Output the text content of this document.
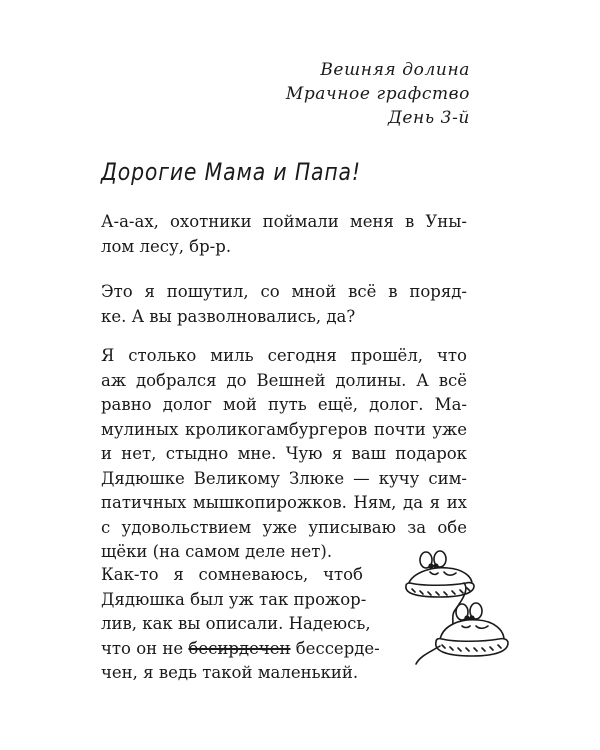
Вешняя долина
Мрачное графство
День 3-й
Дорогие Мама и Папа!
А-а-ах, охотники поймали меня в Уны-
лом лесу, бр-р.
Это я пошутил, со мной всё в поряд-
ке. А вы разволновались, да?
Я столько миль сегодня прошёл, что
аж добрался до Вешней долины. А всё
равно долог мой путь ещё, долог. Ма-
мулиных кроликогамбургеров почти уже
и нет, стыдно мне. Чую я ваш подарок
Дядюшке Великому Злюке — кучу сим-
патичных мышкопирожков. Ням, да я их
с удовольствием уже уписываю за обе
щёки (на самом деле нет).
Как-то я сомневаюсь, чтоб
Дядюшка был уж так прожор-
лив, как вы описали. Надеюсь,
что он не бесирдечен бессерде-
чен, я ведь такой маленький.
